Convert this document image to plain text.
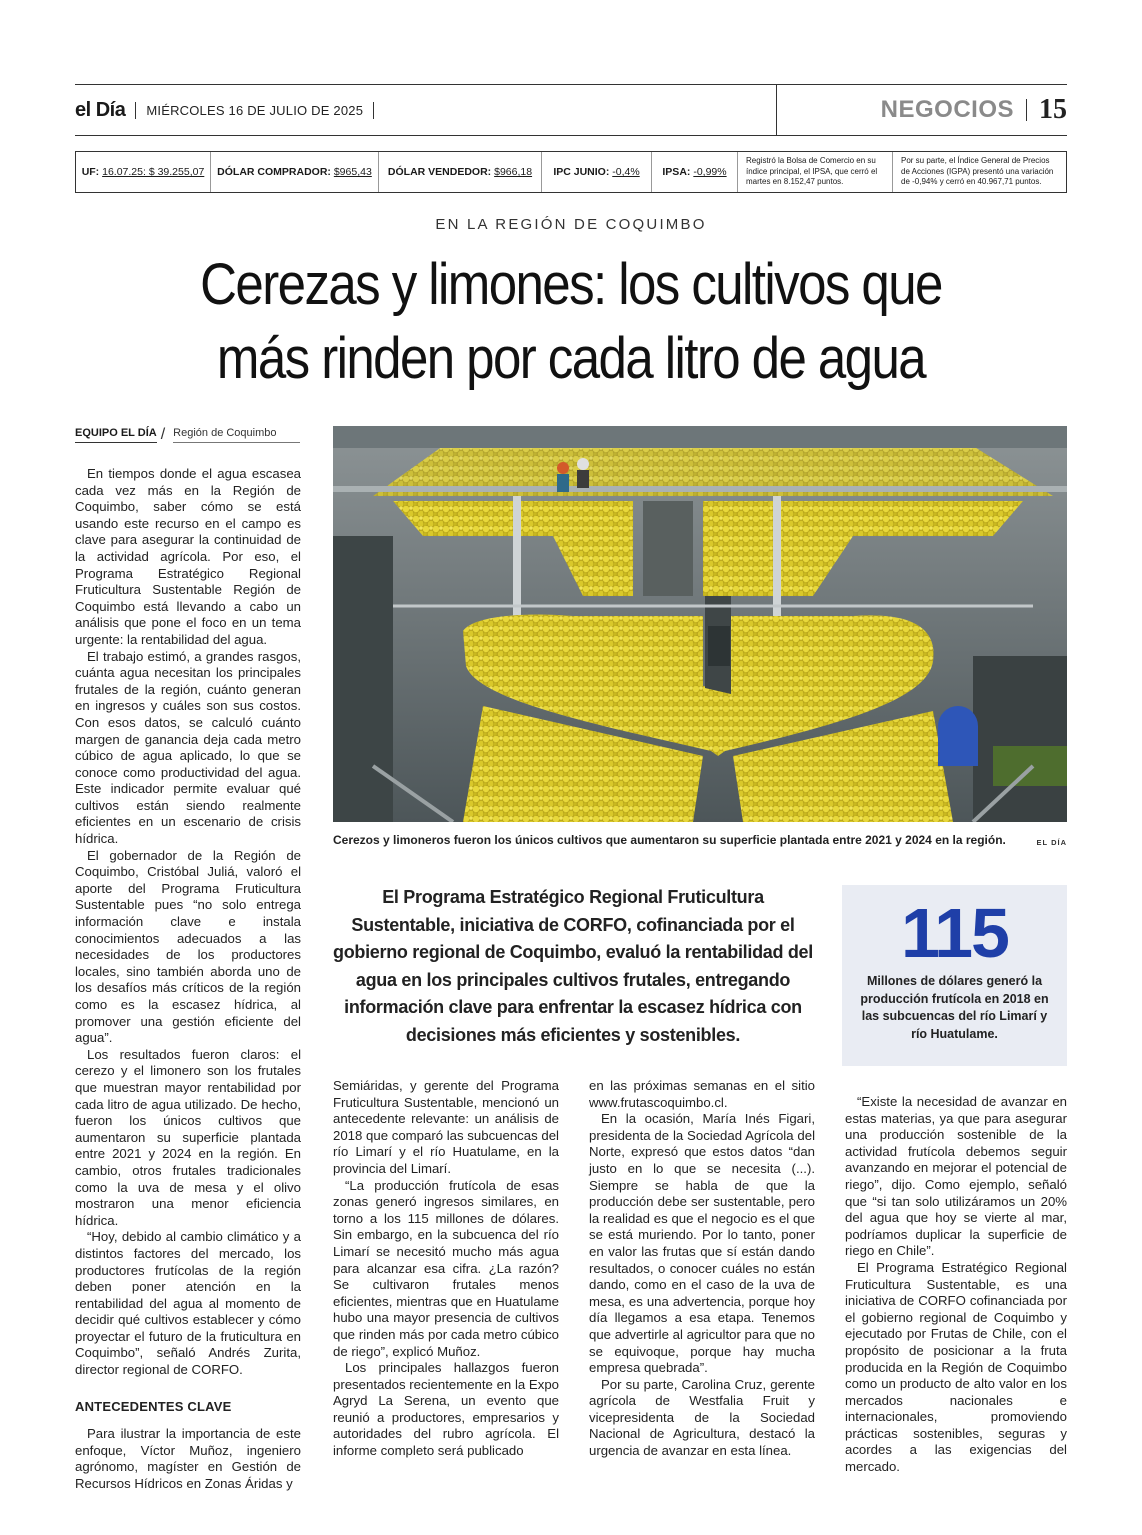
el Día MIÉRCOLES 16 DE JULIO DE 2025	NEGOCIOS 15
UF:
16.07.25: $ 39.255,07 DÓLAR COMPRADOR:
$965,43 DÓLAR VENDEDOR:
$966,18 IPC JUNIO:
-0,4% IPSA:
-0,99%
Registró la Bolsa de Comercio en su índice principal, el IPSA, que cerró el martes en 8.152,47 puntos.
Por su parte, el Índice General de Precios de Acciones (IGPA) presentó una variación de -0,94% y cerró en 40.967,71 puntos.
EN LA REGIÓN DE COQUIMBO
Cerezas y limones: los cultivos que
más rinden por cada litro de agua
EQUIPO EL DÍA / Región de Coquimbo

En tiempos donde el agua escasea cada vez más en la Región de Coquimbo, saber cómo se está usando este recurso en el campo es clave para asegurar la continuidad de la actividad agrícola. Por eso, el Programa Estratégico Regional Fruticultura Sustentable Región de Coquimbo está llevando a cabo un análisis que pone el foco en un tema urgente: la rentabilidad del agua.

El trabajo estimó, a grandes rasgos, cuánta agua necesitan los principales frutales de la región, cuánto generan en ingresos y cuáles son sus costos. Con esos datos, se calculó cuánto margen de ganancia deja cada metro cúbico de agua aplicado, lo que se conoce como productividad del agua. Este indicador permite evaluar qué cultivos están siendo realmente eficientes en un escenario de crisis hídrica.

El gobernador de la Región de Coquimbo, Cristóbal Juliá, valoró el aporte del Programa Fruticultura Sustentable pues “no solo entrega información clave e instala conocimientos adecuados a las necesidades de los productores locales, sino también aborda uno de los desafíos más críticos de la región como es la escasez hídrica, al promover una gestión eficiente del agua”.

Los resultados fueron claros: el cerezo y el limonero son los frutales que muestran mayor rentabilidad por cada litro de agua utilizado. De hecho, fueron los únicos cultivos que aumentaron su superficie plantada entre 2021 y 2024 en la región. En cambio, otros frutales tradicionales como la uva de mesa y el olivo mostraron una menor eficiencia hídrica.

“Hoy, debido al cambio climático y a distintos factores del mercado, los productores frutícolas de la región deben poner atención en la rentabilidad del agua al momento de decidir qué cultivos establecer y cómo proyectar el futuro de la fruticultura en Coquimbo”, señaló Andrés Zurita, director regional de CORFO.

ANTECEDENTES CLAVE

Para ilustrar la importancia de este enfoque, Víctor Muñoz, ingeniero agrónomo, magíster en Gestión de Recursos Hídricos en Zonas Áridas y

Cerezos y limoneros fueron los únicos cultivos que aumentaron su superficie plantada entre 2021 y 2024 en la región.	EL DÍA
El Programa Estratégico Regional Fruticultura Sustentable, iniciativa de CORFO, cofinanciada por el gobierno regional de Coquimbo, evaluó la rentabilidad del agua en los principales cultivos frutales, entregando información clave para enfrentar la escasez hídrica con decisiones más eficientes y sostenibles.
115
Millones de dólares generó la producción frutícola en 2018 en las subcuencas del río Limarí y río Huatulame.

Semiáridas, y gerente del Programa Fruticultura Sustentable, mencionó un antecedente relevante: un análisis de 2018 que comparó las subcuencas del río Limarí y el río Huatulame, en la provincia del Limarí.

“La producción frutícola de esas zonas generó ingresos similares, en torno a los 115 millones de dólares. Sin embargo, en la subcuenca del río Limarí se necesitó mucho más agua para alcanzar esa cifra. ¿La razón? Se cultivaron frutales menos eficientes, mientras que en Huatulame hubo una mayor presencia de cultivos que rinden más por cada metro cúbico de riego”, explicó Muñoz.

Los principales hallazgos fueron presentados recientemente en la Expo Agryd La Serena, un evento que reunió a productores, empresarios y autoridades del rubro agrícola. El informe completo será publicado

en las próximas semanas en el sitio www.frutascoquimbo.cl.

En la ocasión, María Inés Figari, presidenta de la Sociedad Agrícola del Norte, expresó que estos datos “dan justo en lo que se necesita (...). Siempre se habla de que la producción debe ser sustentable, pero la realidad es que el negocio es el que se está muriendo. Por lo tanto, poner en valor las frutas que sí están dando resultados, o conocer cuáles no están dando, como en el caso de la uva de mesa, es una advertencia, porque hoy día llegamos a esa etapa. Tenemos que advertirle al agricultor para que no se equivoque, porque hay mucha empresa quebrada”.

Por su parte, Carolina Cruz, gerente agrícola de Westfalia Fruit y vicepresidenta de la Sociedad Nacional de Agricultura, destacó la urgencia de avanzar en esta línea.

“Existe la necesidad de avanzar en estas materias, ya que para asegurar una producción sostenible de la actividad frutícola debemos seguir avanzando en mejorar el potencial de riego”, dijo. Como ejemplo, señaló que “si tan solo utilizáramos un 20% del agua que hoy se vierte al mar, podríamos duplicar la superficie de riego en Chile”.

El Programa Estratégico Regional Fruticultura Sustentable, es una iniciativa de CORFO cofinanciada por el gobierno regional de Coquimbo y ejecutado por Frutas de Chile, con el propósito de posicionar a la fruta producida en la Región de Coquimbo como un producto de alto valor en los mercados nacionales e internacionales, promoviendo prácticas sostenibles, seguras y acordes a las exigencias del mercado.
